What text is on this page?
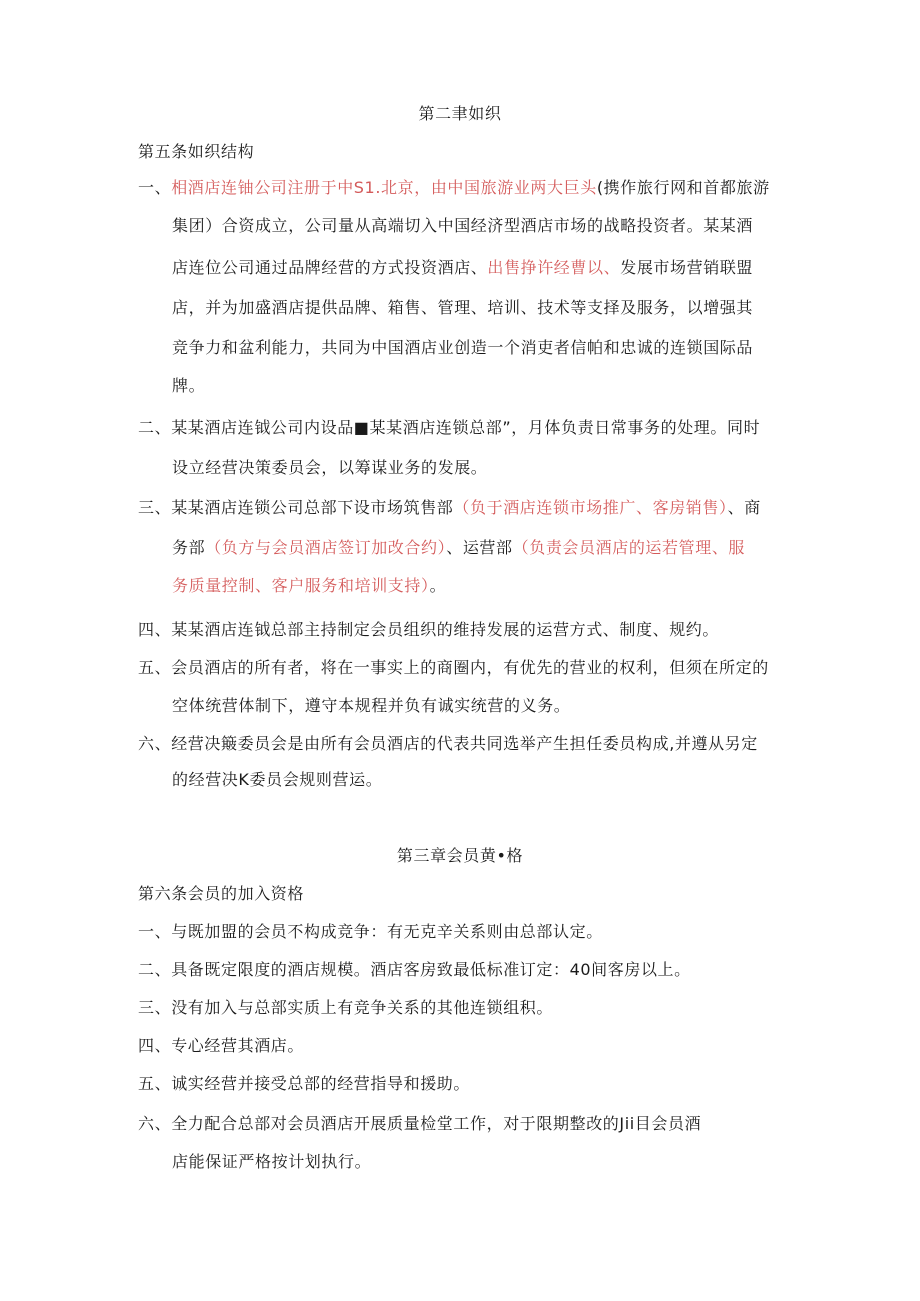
第二聿如织
第五条如织结构
一、相酒店连铀公司注册于中S1.北京，由中国旅游业两大巨头(携作旅行网和首都旅游
集团）合资成立，公司量从高端切入中国经济型酒店市场的战略投资者。某某酒
店连位公司通过品牌经营的方式投资酒店、出售挣许经曹以、发展市场营销联盟
店，并为加盛酒店提供品牌、箱售、管理、培训、技术等支择及服务，以增强其
竞争力和盆利能力，共同为中国酒店业创造一个消吏者信帕和忠诚的连锁国际品
牌。
二、某某酒店连钺公司内设品■某某酒店连锁总部”，月体负责日常事务的处理。同时
设立经营决策委员会，以筹谋业务的发展。
三、某某酒店连锁公司总部下设市场筑售部（负于酒店连锁市场推广、客房销售）、商
务部（负方与会员酒店签订加改合约）、运营部（负责会员酒店的运若管理、服
务质量控制、客户服务和培训支持）。
四、某某酒店连钺总部主持制定会员组织的维持发展的运营方式、制度、规约。
五、会员酒店的所有者，将在一事实上的商圈内，有优先的营业的权利，但须在所定的
空体统营体制下，遵守本规程并负有诚实统营的义务。
六、经营决簸委员会是由所有会员酒店的代表共同选举产生担任委员构成,并遵从另定
的经营决K委员会规则营运。
第三章会员黄•格
第六条会员的加入资格
一、与既加盟的会员不构成竞争：有无克辛关系则由总部认定。
二、具备既定限度的酒店规模。酒店客房致最低标准订定：40间客房以上。
三、没有加入与总部实质上有竞争关系的其他连锁组积。
四、专心经营其酒店。
五、诚实经营并接受总部的经营指导和援助。
六、全力配合总部对会员酒店开展质量检堂工作，对于限期整改的Jii目会员酒
店能保证严格按计划执行。
